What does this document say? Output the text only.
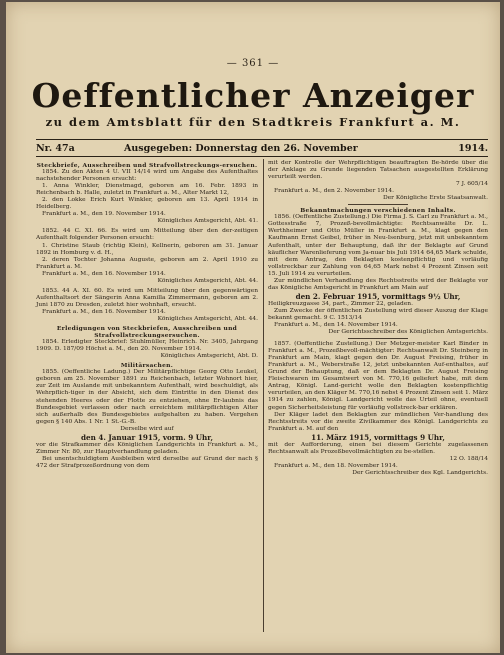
— 361 —
Oeffentlicher Anzeiger
zu dem Amtsblatt für den Stadtkreis Frankfurt a. M.
Nr. 47a	Ausgegeben: Donnerstag den 26. November	1914.

Steckbriefe, Ausschreiben und Strafvollstreckungs-ersuchen.

1854. Zu den Akten 4 U. VII 14/14 wird um Angabe des Aufenthaltes nachstehender Personen ersucht:

1. Anna Winkler, Dienstmagd, geboren am 16. Febr. 1893 in Reichenbach b. Halle, zuletzt in Frankfurt a. M., Alter Markt 12,

2. den Lokke Erich Kurt Winkler, geboren am 13. April 1914 in Heidelberg.

Frankfurt a. M., den 19. November 1914.

Königliches Amtsgericht, Abt. 41.

1852. 44 C. XI. 66. Es wird um Mitteilung über den der-zeitigen Aufenthalt folgender Personen ersucht:

1. Christine Staub (richtig Klein), Kellnerin, geboren am 31. Januar 1892 in Homburg v. d. H.,

2. deren Tochter Johanna Auguste, geboren am 2. April 1910 zu Frankfurt a. M.

Frankfurt a. M., den 16. November 1914.

Königliches Amtsgericht, Abt. 44.

1853. 44 A. XI. 60. Es wird um Mitteilung über den gegenwärtigen Aufenthaltsort der Sängerin Anna Kamilla Zimmermann, geboren am 2. Juni 1870 zu Dresden, zuletzt hier wohnhaft, ersucht.

Frankfurt a. M., den 16. November 1914.

Königliches Amtsgericht, Abt. 44.

Erledigungen von Steckbriefen, Ausschreiben und Strafvollstreckungsersuchen.

1854. Erledigter Steckbrief: Stuhlmüller, Heinrich. Nr. 3405, Jahrgang 1909. D. 187/09 Höchst a. M., den 20. November 1914.

Königliches Amtsgericht, Abt. D.

Militärsachen.

1855. (Oeffentliche Ladung.) Der Militärpflichtige Georg Otto Leukel, geboren am 25. November 1891 zu Reichenbach, letzter Wohnort hier, zur Zeit im Auslande mit unbekanntem Aufenthalt, wird beschuldigt, als Wehrpflich-tiger in der Absicht, sich dem Eintritte in den Dienst des stehenden Heeres oder der Flotte zu entziehen, ohne Er-laubnis das Bundesgebiet verlassen oder nach erreichtem militärpflichtigen Alter sich außerhalb des Bundesgebietes aufgehalten zu haben. Vergehen gegen § 140 Abs. 1 Nr. 1 St.-G.-B.

Derselbe wird auf

den 4. Januar 1915, vorm. 9 Uhr,

vor die Strafkammer des Königlichen Landgerichts in Frankfurt a. M., Zimmer Nr. 80, zur Hauptverhandlung geladen.

Bei unentschuldigtem Ausbleiben wird derselbe auf Grund der nach § 472 der Strafprozeßordnung von dem

mit der Kontrolle der Wehrpflichtigen beauftragten Be-hörde über die der Anklage zu Grunde liegenden Tatsachen ausgestellten Erklärung verurteilt werden.

7 J. 605/14

Frankfurt a. M., den 2. November 1914.

Der Königliche Erste Staatsanwalt.

Bekanntmachungen verschiedenen Inhalts.

1856. (Oeffentliche Zustellung.) Die Firma J. S. Carl zu Frankfurt a. M., Gottesstraße 7, Prozeß-bevollmächtigte: Rechtsanwälte Dr. L. Werthheimer und Otto Müller in Frankfurt a. M., klagt gegen den Kaufmann Ernst Geibel, früher in Neu-Isenburg, jetzt mit unbekanntem Aufenthalt, unter der Behauptung, daß ihr der Beklagte auf Grund käuflicher Warenlieferung vom Ja-nuar bis Juli 1914 64,65 Mark schulde, mit dem Antrag, den Beklagten kostenpflichtig und vorläufig vollstreckbar zur Zahlung von 64,65 Mark nebst 4 Prozent Zinsen seit 15. Juli 1914 zu verurteilen.

Zur mündlichen Verhandlung des Rechtsstreits wird der Beklagte vor das Königliche Amtsgericht in Frankfurt am Main auf

den 2. Februar 1915, vormittags 9½ Uhr,

Heiligkreuzgasse 34, part., Zimmer 22, geladen.

Zum Zwecke der öffentlichen Zustellung wird dieser Auszug der Klage bekannt gemacht. 9 C. 1513/14

Frankfurt a. M., den 14. November 1914.

Der Gerichtsschreiber des Königlichen Amtsgerichts.

1857. (Oeffentliche Zustellung.) Der Metzger-meister Karl Binder in Frankfurt a. M., Prozeßbevoll-mächtigter: Rechtsanwalt Dr. Steinberg in Frankfurt am Main, klagt gegen den Dr. August Freising, früher in Frankfurt a. M., Weberstraße 12, jetzt unbekannten Auf-enthaltes, auf Grund der Behauptung, daß er dem Beklagten Dr. August Freising Fleischwaren im Gesamtwert von M. 770,16 geliefert habe, mit dem Antrag, Königl. Land-gericht wolle den Beklagten kostenpflichtig verurteilen, an den Kläger M. 770,16 nebst 4 Prozent Zinsen seit 1. März 1914 zu zahlen, Königl. Landgericht wolle das Urteil ohne, eventuell gegen Sicherheitsleistung für vorläufig vollstreck-bar erklären.

Der Kläger ladet den Beklagten zur mündlichen Ver-handlung des Rechtsstreits vor die zweite Zivilkammer des Königl. Landgerichts zu Frankfurt a. M. auf den

11. März 1915, vormittags 9 Uhr,

mit der Aufforderung, einen bei diesem Gerichte zugelassenen Rechtsanwalt als Prozeßbevollmächtigten zu be-stellen.

12 O. 188/14

Frankfurt a. M., den 18. November 1914.

Der Gerichtsschreiber des Kgl. Landgerichts.
